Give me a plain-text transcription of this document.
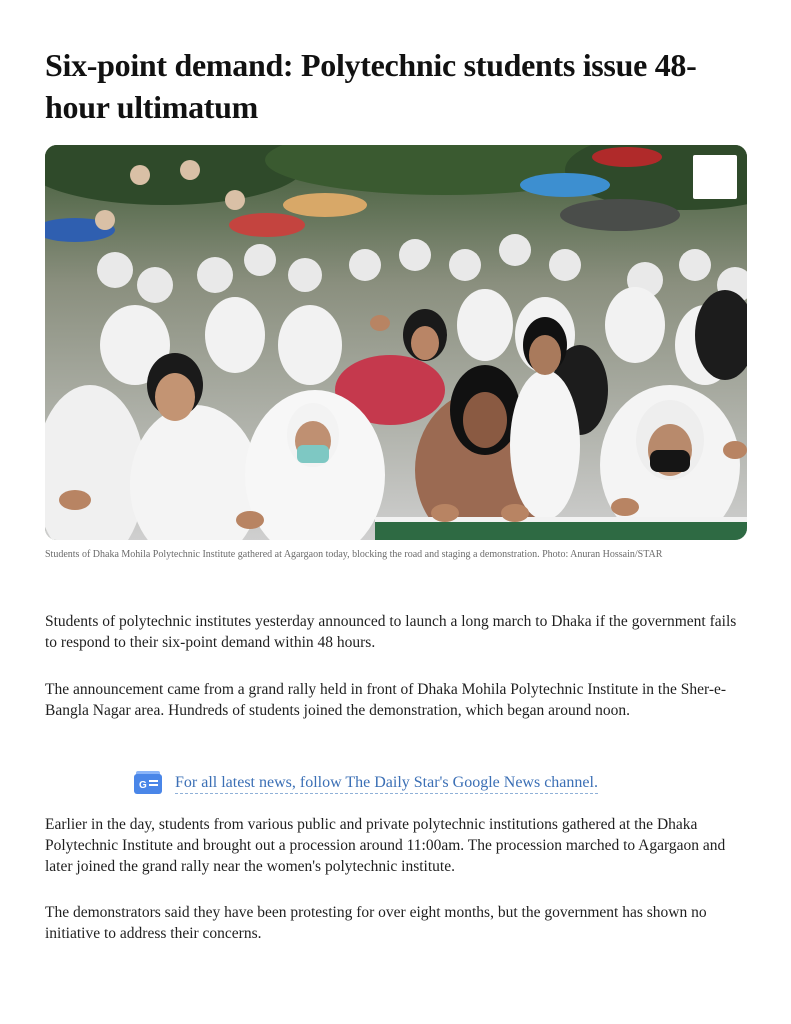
Six-point demand: Polytechnic students issue 48-hour ultimatum
Students of Dhaka Mohila Polytechnic Institute gathered at Agargaon today, blocking the road and staging a demonstration. Photo: Anuran Hossain/STAR

Students of polytechnic institutes yesterday announced to launch a long march to Dhaka if the government fails to respond to their six-point demand within 48 hours.

The announcement came from a grand rally held in front of Dhaka Mohila Polytechnic Institute in the Sher-e-Bangla Nagar area. Hundreds of students joined the demonstration, which began around noon.

G For all latest news, follow The Daily Star's Google News channel.

Earlier in the day, students from various public and private polytechnic institutions gathered at the Dhaka Polytechnic Institute and brought out a procession around 11:00am. The procession marched to Agargaon and later joined the grand rally near the women's polytechnic institute.

The demonstrators said they have been protesting for over eight months, but the government has shown no initiative to address their concerns.
